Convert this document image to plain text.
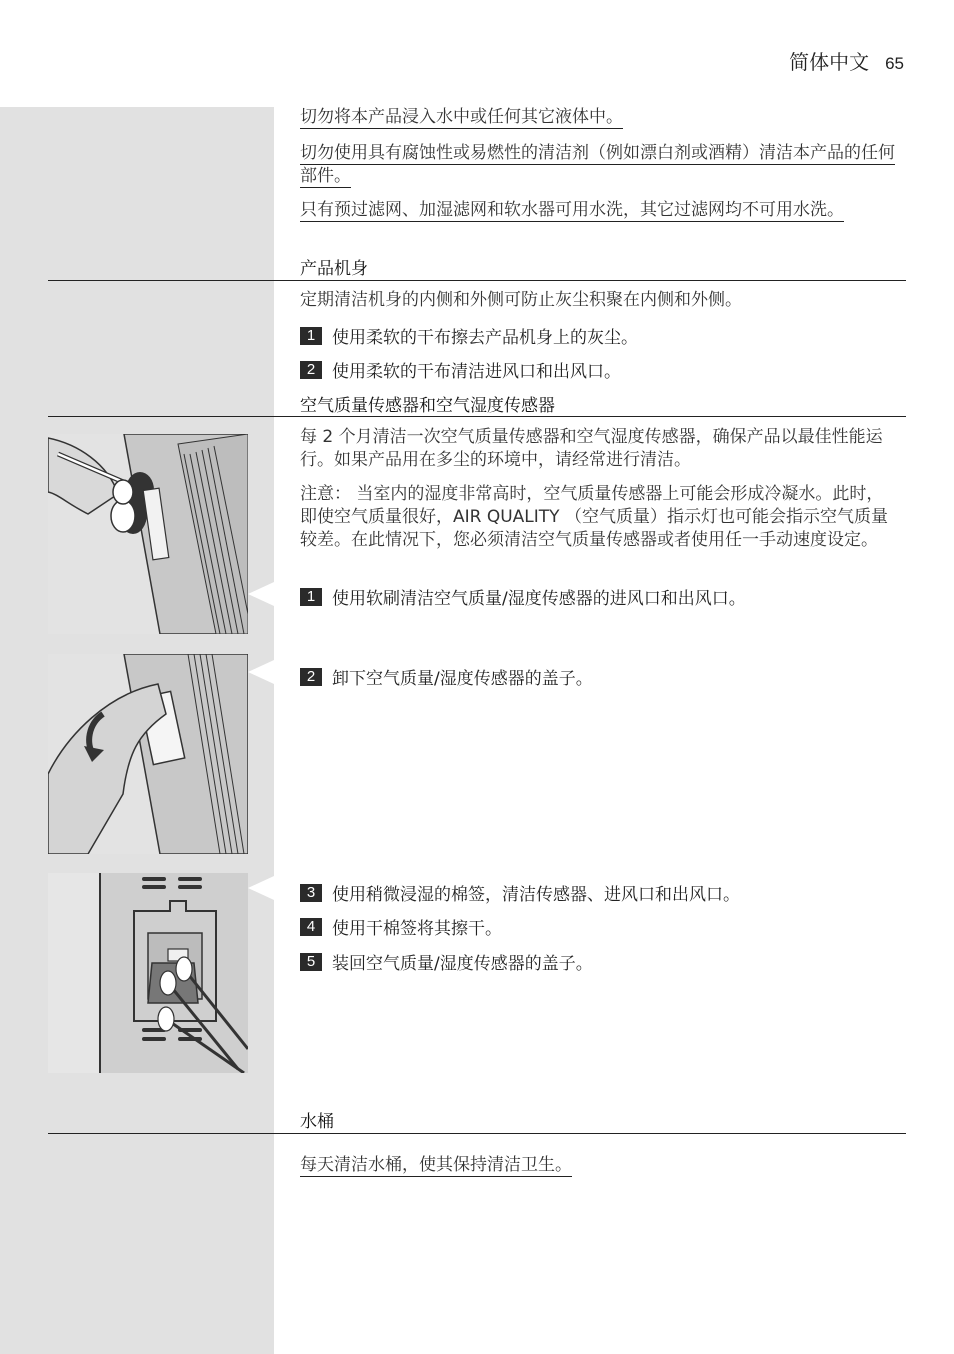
简体中文 65
切勿将本产品浸入水中或任何其它液体中。
切勿使用具有腐蚀性或易燃性的清洁剂（例如漂白剂或酒精）清洁本产品的任何部件。
只有预过滤网、加湿滤网和软水器可用水洗，其它过滤网均不可用水洗。
产品机身
定期清洁机身的内侧和外侧可防止灰尘积聚在内侧和外侧。
1 使用柔软的干布擦去产品机身上的灰尘。
2 使用柔软的干布清洁进风口和出风口。
空气质量传感器和空气湿度传感器
每 2 个月清洁一次空气质量传感器和空气湿度传感器，确保产品以最佳性能运行。如果产品用在多尘的环境中，请经常进行清洁。
注意： 当室内的湿度非常高时，空气质量传感器上可能会形成冷凝水。此时，即使空气质量很好，AIR QUALITY （空气质量）指示灯也可能会指示空气质量较差。在此情况下，您必须清洁空气质量传感器或者使用任一手动速度设定。
1 使用软刷清洁空气质量/湿度传感器的进风口和出风口。
2 卸下空气质量/湿度传感器的盖子。
3 使用稍微浸湿的棉签，清洁传感器、进风口和出风口。
4 使用干棉签将其擦干。
5 装回空气质量/湿度传感器的盖子。
水桶
每天清洁水桶，使其保持清洁卫生。
